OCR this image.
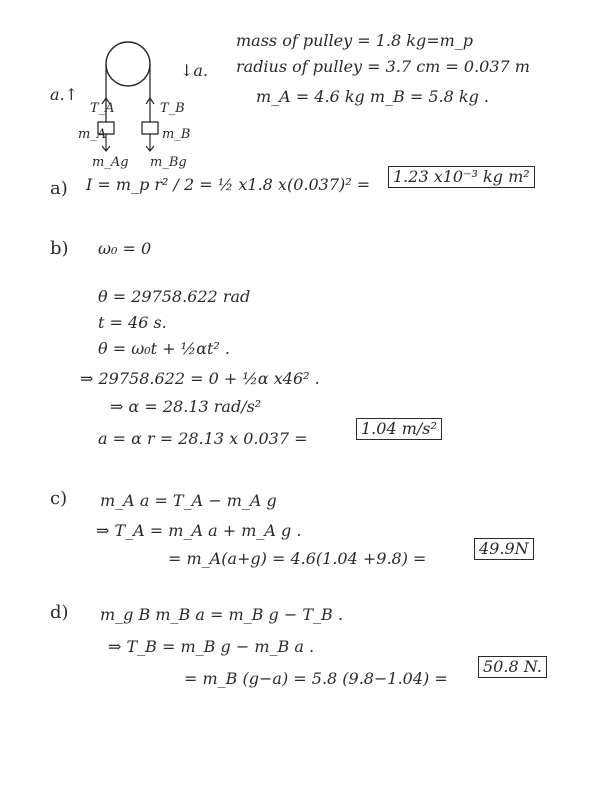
a.↑
↓a.
T_A	T_B
m_A	m_B
m_Ag m_Bg
mass of pulley = 1.8 kg=m_p
radius of pulley = 3.7 cm = 0.037 m
m_A = 4.6 kg m_B = 5.8 kg .
a) I = m_p r² / 2 = ½ x1.8 x(0.037)² =	1.23 x10⁻³ kg m²
b) ω₀ = 0
θ = 29758.622 rad
t = 46 s.
θ = ω₀t + ½αt² .
⇒ 29758.622 = 0 + ½α x46² .
⇒ α = 28.13 rad/s²
a = α r = 28.13 x 0.037 =
1.04 m/s²
c) m_A a = T_A − m_A g
⇒ T_A = m_A a + m_A g .
= m_A(a+g) = 4.6(1.04 +9.8) =
49.9N
d) m_g B m_B a = m_B g − T_B .
⇒ T_B = m_B g − m_B a .
= m_B (g−a) = 5.8 (9.8−1.04) =
50.8 N.
